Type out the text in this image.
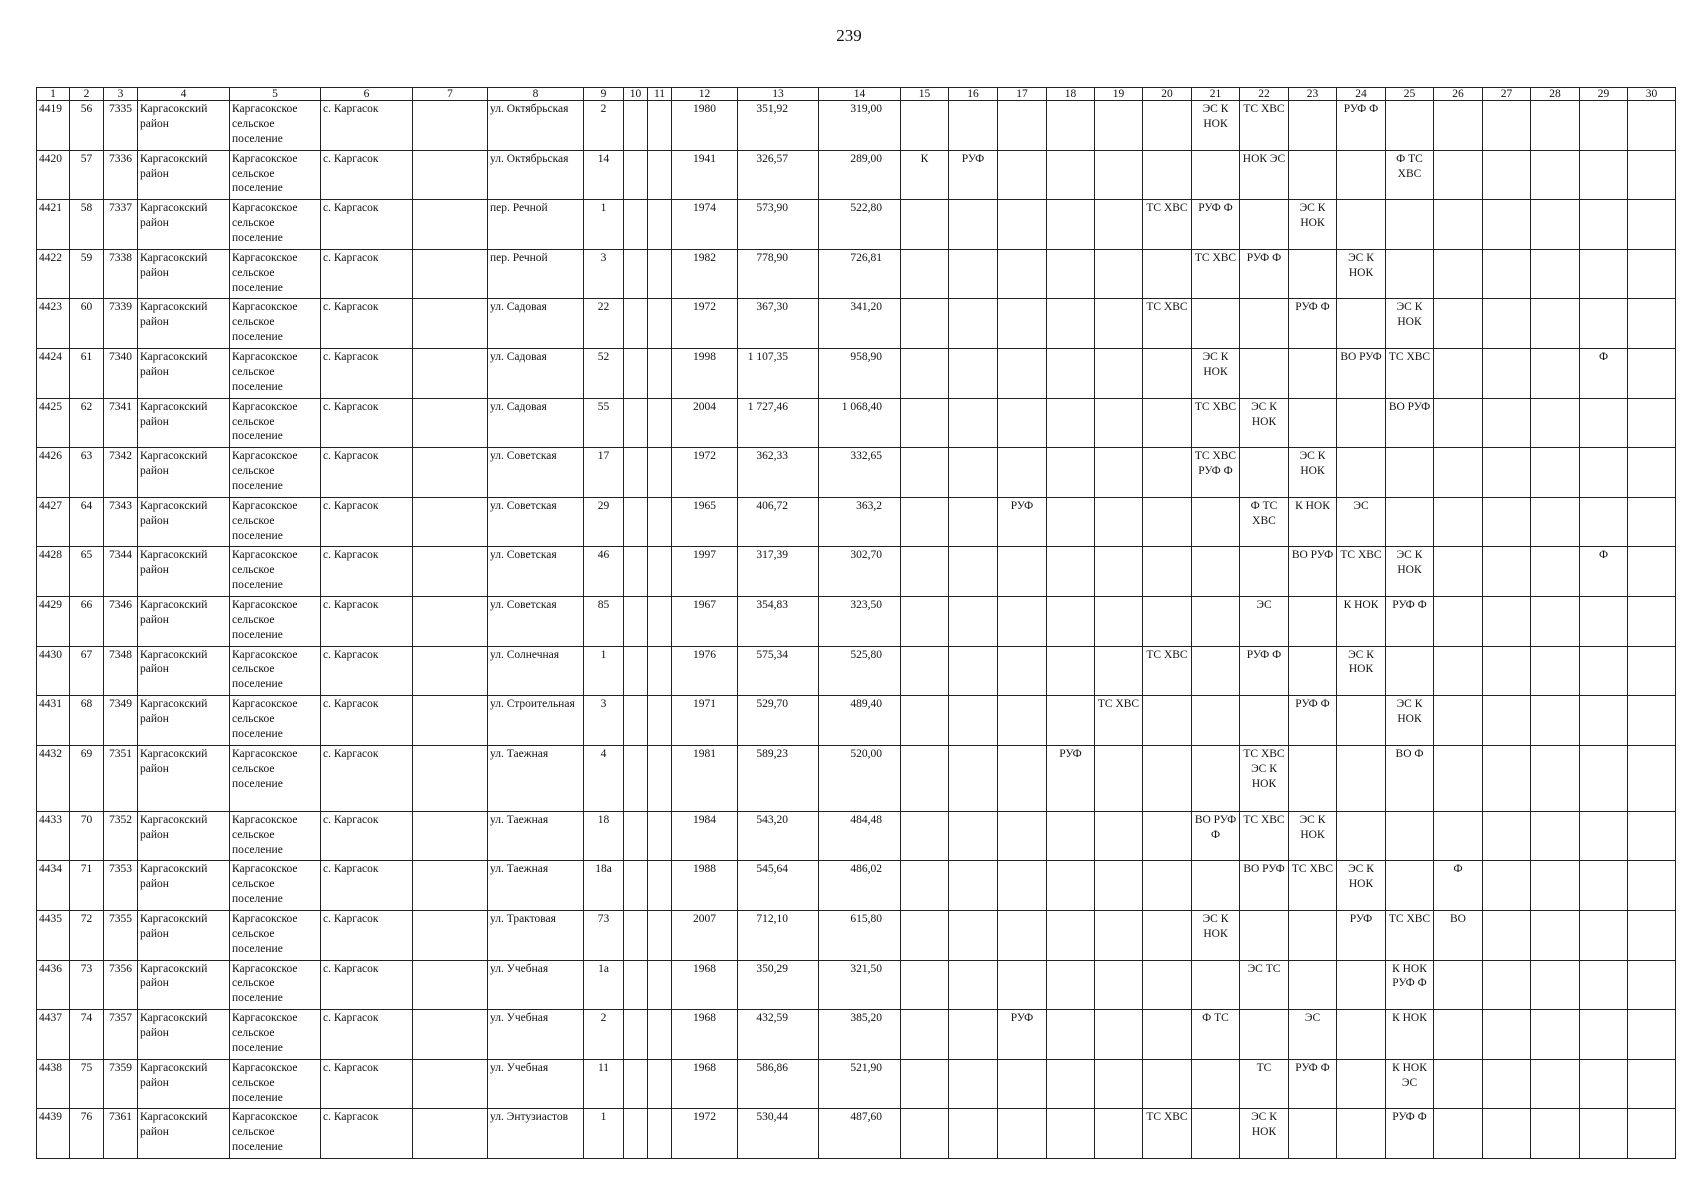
239
1	2	3	4	5	6	7	8	9	10	11	12	13	14	15	16	17	18	19	20	21	22	23	24	25	26	27	28	29	30
4419	56	7335	Каргасокский район	Каргасокское сельское поселение	с. Каргасок		ул. Октябрьская	2			1980	351,92	319,00							ЭС К НОК	ТС ХВС		РУФ Ф						
4420	57	7336	Каргасокский район	Каргасокское сельское поселение	с. Каргасок		ул. Октябрьская	14			1941	326,57	289,00	К	РУФ						НОК ЭС			Ф ТС ХВС					
4421	58	7337	Каргасокский район	Каргасокское сельское поселение	с. Каргасок		пер. Речной	1			1974	573,90	522,80						ТС ХВС	РУФ Ф		ЭС К НОК							
4422	59	7338	Каргасокский район	Каргасокское сельское поселение	с. Каргасок		пер. Речной	3			1982	778,90	726,81							ТС ХВС	РУФ Ф		ЭС К НОК						
4423	60	7339	Каргасокский район	Каргасокское сельское поселение	с. Каргасок		ул. Садовая	22			1972	367,30	341,20						ТС ХВС			РУФ Ф		ЭС К НОК					
4424	61	7340	Каргасокский район	Каргасокское сельское поселение	с. Каргасок		ул. Садовая	52			1998	1 107,35	958,90							ЭС К НОК			ВО РУФ	ТС ХВС				Ф	
4425	62	7341	Каргасокский район	Каргасокское сельское поселение	с. Каргасок		ул. Садовая	55			2004	1 727,46	1 068,40							ТС ХВС	ЭС К НОК			ВО РУФ					
4426	63	7342	Каргасокский район	Каргасокское сельское поселение	с. Каргасок		ул. Советская	17			1972	362,33	332,65							ТС ХВС РУФ Ф		ЭС К НОК							
4427	64	7343	Каргасокский район	Каргасокское сельское поселение	с. Каргасок		ул. Советская	29			1965	406,72	363,2			РУФ					Ф ТС ХВС	К НОК	ЭС						
4428	65	7344	Каргасокский район	Каргасокское сельское поселение	с. Каргасок		ул. Советская	46			1997	317,39	302,70									ВО РУФ	ТС ХВС	ЭС К НОК				Ф	
4429	66	7346	Каргасокский район	Каргасокское сельское поселение	с. Каргасок		ул. Советская	85			1967	354,83	323,50								ЭС		К НОК	РУФ Ф					
4430	67	7348	Каргасокский район	Каргасокское сельское поселение	с. Каргасок		ул. Солнечная	1			1976	575,34	525,80						ТС ХВС		РУФ Ф		ЭС К НОК						
4431	68	7349	Каргасокский район	Каргасокское сельское поселение	с. Каргасок		ул. Строительная	3			1971	529,70	489,40					ТС ХВС				РУФ Ф		ЭС К НОК					
4432	69	7351	Каргасокский район	Каргасокское сельское поселение	с. Каргасок		ул. Таежная	4			1981	589,23	520,00				РУФ				ТС ХВС ЭС К НОК			ВО Ф					
4433	70	7352	Каргасокский район	Каргасокское сельское поселение	с. Каргасок		ул. Таежная	18			1984	543,20	484,48							ВО РУФ Ф	ТС ХВС	ЭС К НОК							
4434	71	7353	Каргасокский район	Каргасокское сельское поселение	с. Каргасок		ул. Таежная	18а			1988	545,64	486,02								ВО РУФ	ТС ХВС	ЭС К НОК		Ф				
4435	72	7355	Каргасокский район	Каргасокское сельское поселение	с. Каргасок		ул. Трактовая	73			2007	712,10	615,80							ЭС К НОК			РУФ	ТС ХВС	ВО				
4436	73	7356	Каргасокский район	Каргасокское сельское поселение	с. Каргасок		ул. Учебная	1а			1968	350,29	321,50								ЭС ТС			К НОК РУФ Ф					
4437	74	7357	Каргасокский район	Каргасокское сельское поселение	с. Каргасок		ул. Учебная	2			1968	432,59	385,20			РУФ				Ф ТС		ЭС		К НОК					
4438	75	7359	Каргасокский район	Каргасокское сельское поселение	с. Каргасок		ул. Учебная	11			1968	586,86	521,90								ТС	РУФ Ф		К НОК ЭС					
4439	76	7361	Каргасокский район	Каргасокское сельское поселение	с. Каргасок		ул. Энтузиастов	1			1972	530,44	487,60						ТС ХВС		ЭС К НОК			РУФ Ф					
